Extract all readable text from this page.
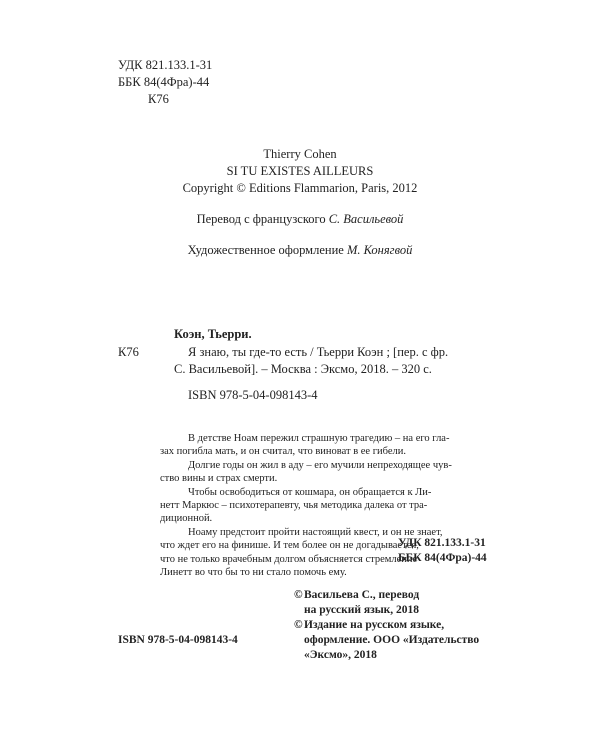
УДК 821.133.1-31
ББК 84(4Фра)-44
К76
Thierry Cohen
SI TU EXISTES AILLEURS
Copyright © Editions Flammarion, Paris, 2012
Перевод с французского С. Васильевой
Художественное оформление М. Конягвой
Коэн, Тьерри.
К76	Я знаю, ты где-то есть / Тьерри Коэн ; [пер. с фр.
С. Васильевой]. – Москва : Эксмо, 2018. – 320 с.
ISBN 978-5-04-098143-4

В детстве Ноам пережил страшную трагедию – на его гла-
зах погибла мать, и он считал, что виноват в ее гибели.

Долгие годы он жил в аду – его мучили непреходящее чув-
ство вины и страх смерти.

Чтобы освободиться от кошмара, он обращается к Ли-
нетт Маркюс – психотерапевту, чья методика далека от тра-
диционной.

Ноаму предстоит пройти настоящий квест, и он не знает,
что ждет его на финише. И тем более он не догадывается,
что не только врачебным долгом объясняется стремление
Линетт во что бы то ни стало помочь ему.

УДК 821.133.1-31
ББК 84(4Фра)-44
ISBN 978-5-04-098143-4
© Васильева С., перевод
на русский язык, 2018
© Издание на русском языке,
оформление. ООО «Издательство
«Эксмо», 2018
